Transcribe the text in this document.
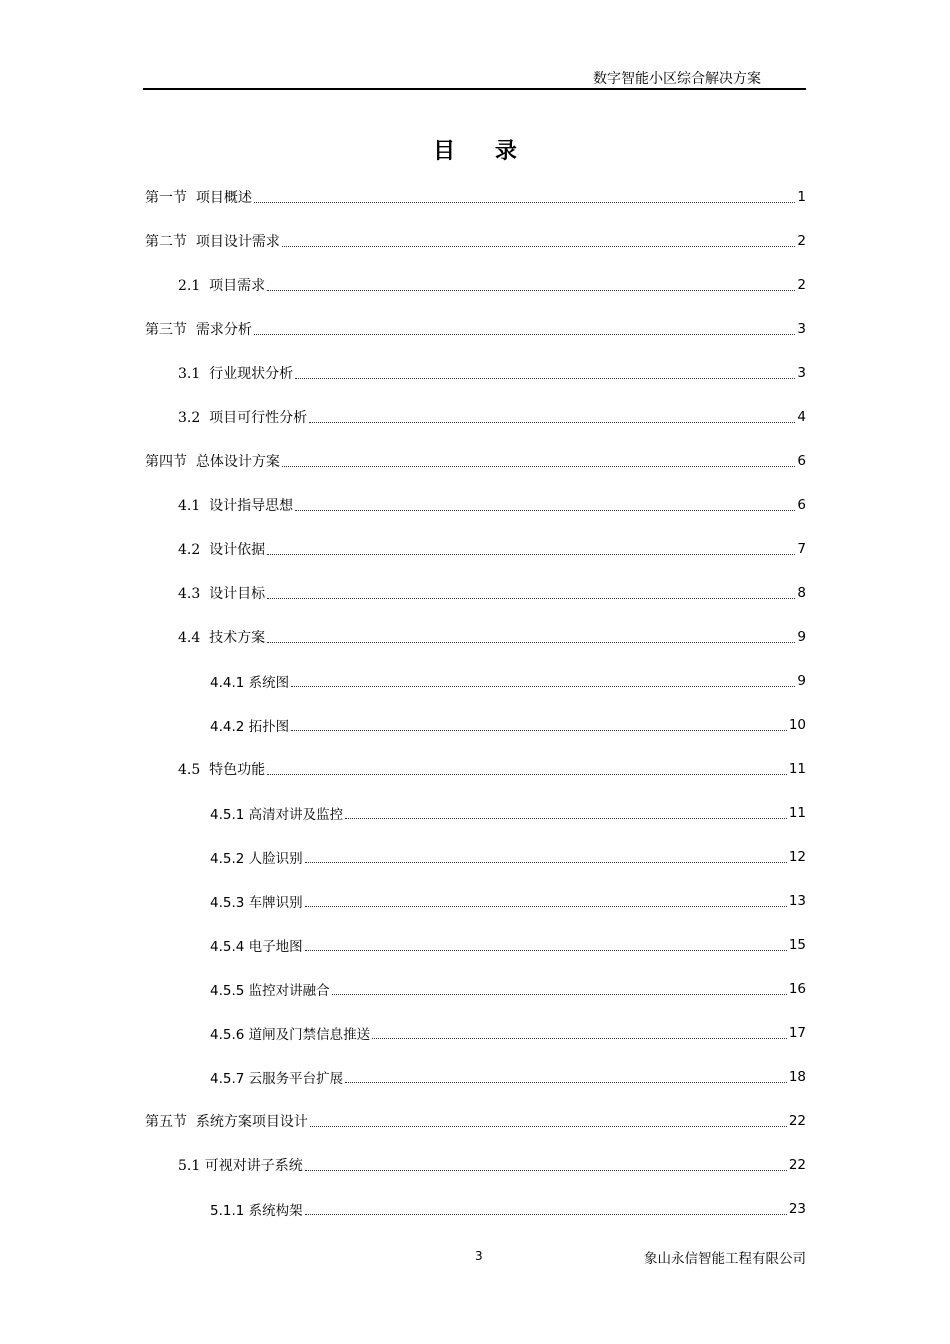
数字智能小区综合解决方案
目 录
第一节  项目概述	1
第二节  项目设计需求	2
2.1  项目需求	2
第三节  需求分析	3
3.1  行业现状分析	3
3.2  项目可行性分析	4
第四节  总体设计方案	6
4.1  设计指导思想	6
4.2  设计依据	7
4.3  设计目标	8
4.4  技术方案	9
4.4.1 系统图	9
4.4.2 拓扑图	10
4.5  特色功能	11
4.5.1 高清对讲及监控	11
4.5.2 人脸识别	12
4.5.3 车牌识别	13
4.5.4 电子地图	15
4.5.5 监控对讲融合	16
4.5.6 道闸及门禁信息推送	17
4.5.7 云服务平台扩展	18
第五节  系统方案项目设计	22
5.1 可视对讲子系统	22
5.1.1 系统构架	23
3	象山永信智能工程有限公司
